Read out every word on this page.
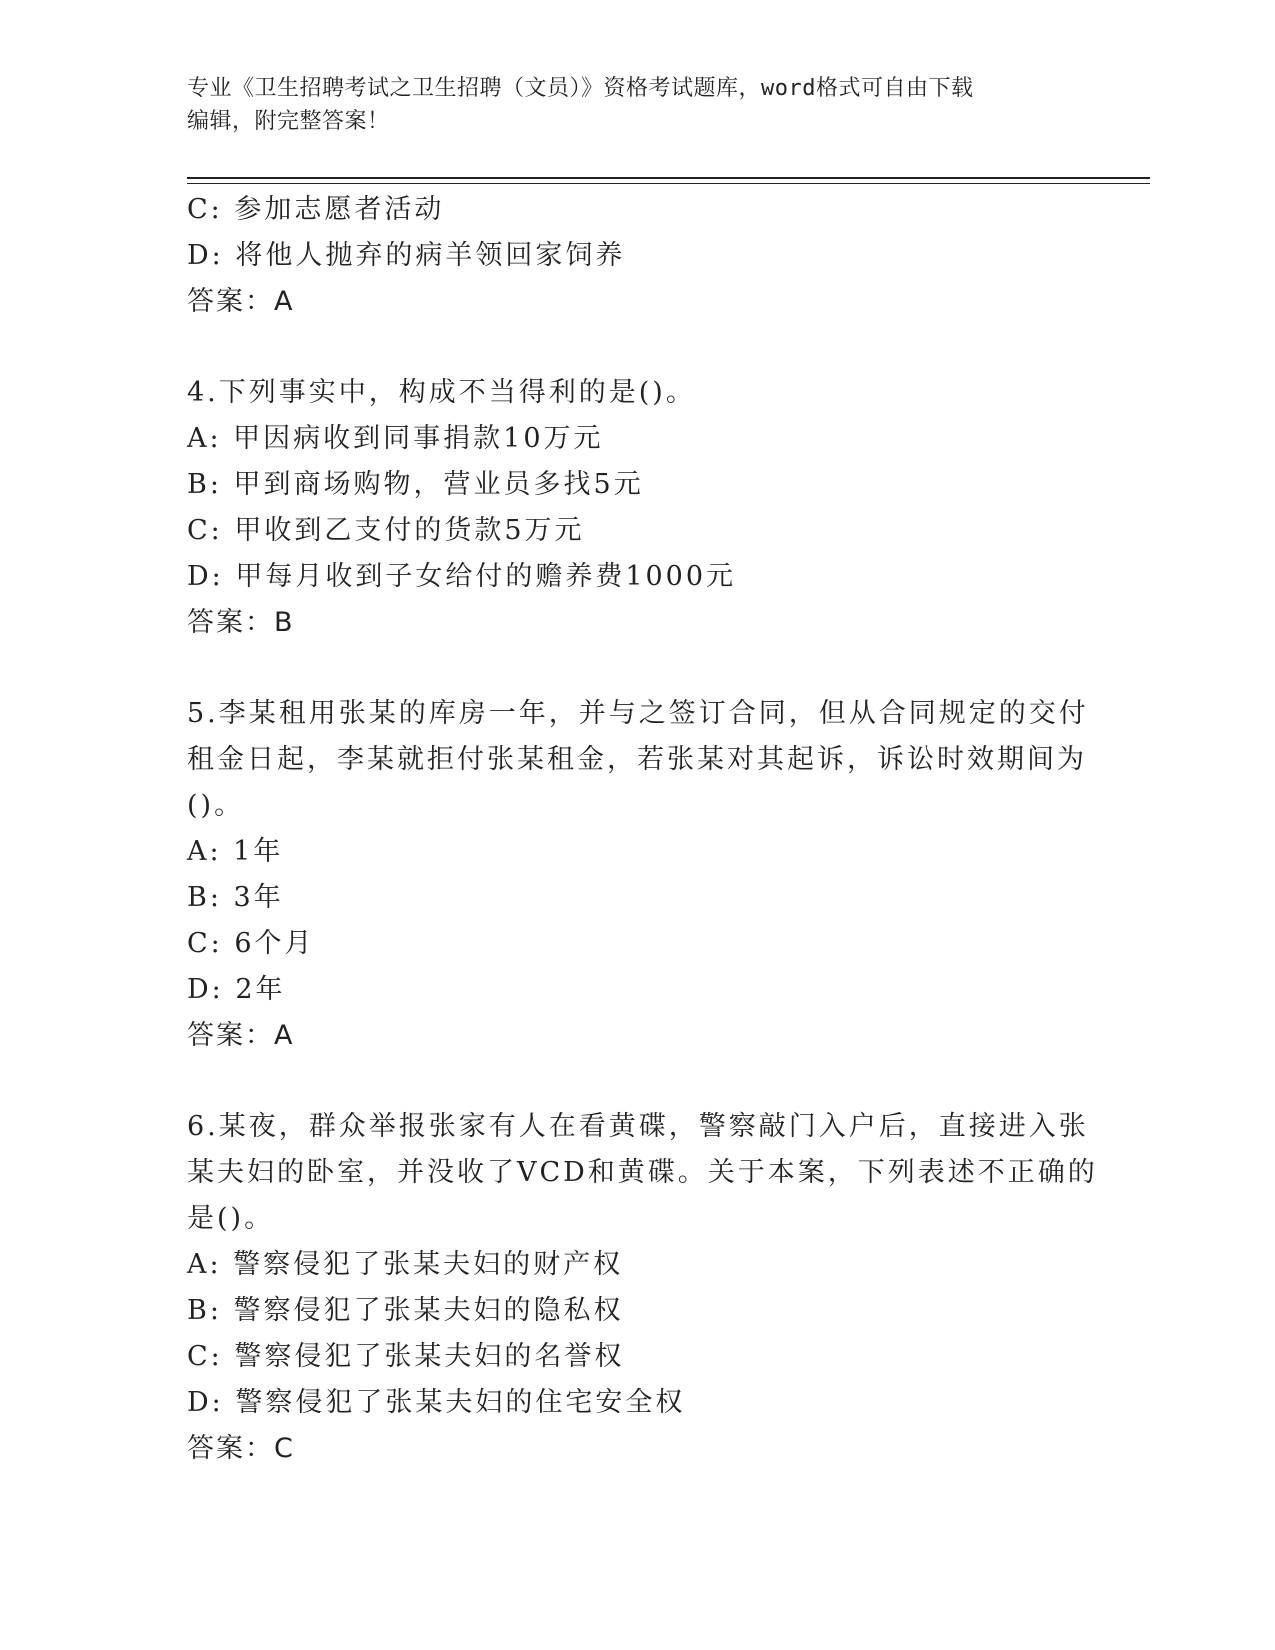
专业《卫生招聘考试之卫生招聘（文员）》资格考试题库，word格式可自由下载
编辑，附完整答案！
C: 参加志愿者活动
D: 将他人抛弃的病羊领回家饲养
答案：A
4.下列事实中，构成不当得利的是()。
A: 甲因病收到同事捐款10万元
B: 甲到商场购物，营业员多找5元
C: 甲收到乙支付的货款5万元
D: 甲每月收到子女给付的赡养费1000元
答案：B
5.李某租用张某的库房一年，并与之签订合同，但从合同规定的交付
租金日起，李某就拒付张某租金，若张某对其起诉，诉讼时效期间为
()。
A: 1年
B: 3年
C: 6个月
D: 2年
答案：A
6.某夜，群众举报张家有人在看黄碟，警察敲门入户后，直接进入张
某夫妇的卧室，并没收了VCD和黄碟。关于本案，下列表述不正确的
是()。
A: 警察侵犯了张某夫妇的财产权
B: 警察侵犯了张某夫妇的隐私权
C: 警察侵犯了张某夫妇的名誉权
D: 警察侵犯了张某夫妇的住宅安全权
答案：C
